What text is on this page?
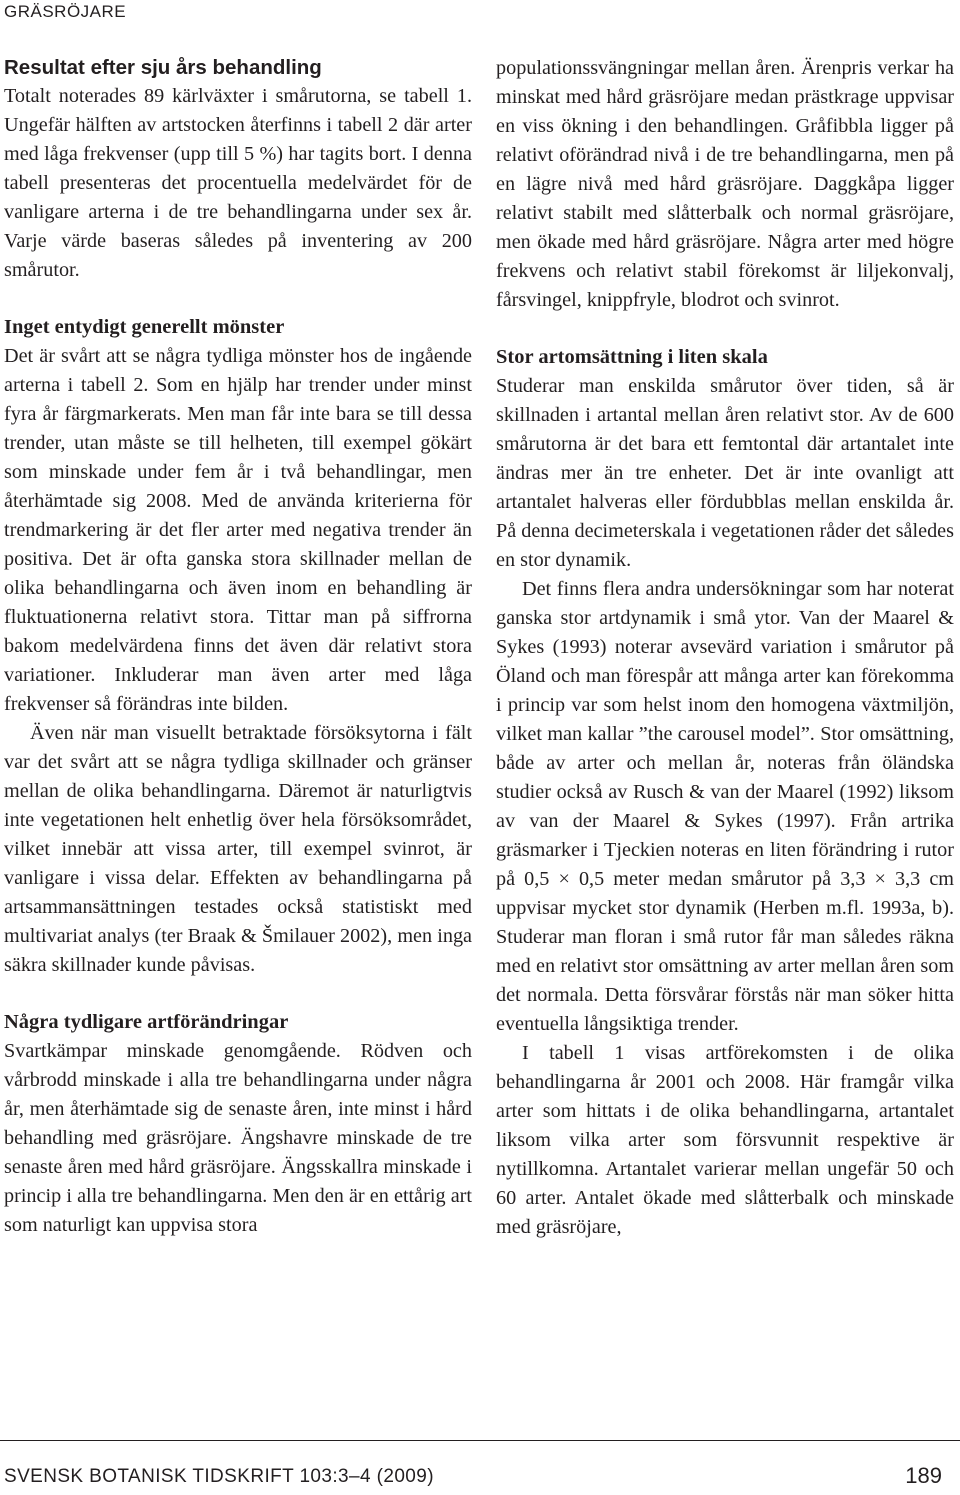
GRÄSRÖJARE
Resultat efter sju års behandling

Totalt noterades 89 kärlväxter i smårutorna, se tabell 1. Ungefär hälften av artstocken återfinns i tabell 2 där arter med låga frekvenser (upp till 5 %) har tagits bort. I denna tabell presenteras det procentuella medelvärdet för de vanligare arterna i de tre behandlingarna under sex år. Varje värde baseras således på inventering av 200 smårutor.

Inget entydigt generellt mönster

Det är svårt att se några tydliga mönster hos de ingående arterna i tabell 2. Som en hjälp har trender under minst fyra år färgmarkerats. Men man får inte bara se till dessa trender, utan måste se till helheten, till exempel gökärt som minskade under fem år i två behandlingar, men återhämtade sig 2008. Med de använda kriterierna för trendmarkering är det fler arter med negativa trender än positiva. Det är ofta ganska stora skillnader mellan de olika behandlingarna och även inom en behandling är fluktuationerna relativt stora. Tittar man på siffrorna bakom medelvärdena finns det även där relativt stora variationer. Inkluderar man även arter med låga frekvenser så förändras inte bilden.

Även när man visuellt betraktade försöksytorna i fält var det svårt att se några tydliga skillnader och gränser mellan de olika behandlingarna. Däremot är naturligtvis inte vegetationen helt enhetlig över hela försöksområdet, vilket innebär att vissa arter, till exempel svinrot, är vanligare i vissa delar. Effekten av behandlingarna på artsammansättningen testades också statistiskt med multivariat analys (ter Braak & Šmilauer 2002), men inga säkra skillnader kunde påvisas.

Några tydligare artförändringar

Svartkämpar minskade genomgående. Rödven och vårbrodd minskade i alla tre behandlingarna under några år, men återhämtade sig de senaste åren, inte minst i hård behandling med gräsröjare. Ängshavre minskade de tre senaste åren med hård gräsröjare. Ängsskallra minskade i princip i alla tre behandlingarna. Men den är en ettårig art som naturligt kan uppvisa stora

populationssvängningar mellan åren. Ärenpris verkar ha minskat med hård gräsröjare medan prästkrage uppvisar en viss ökning i den behandlingen. Gråfibbla ligger på relativt oförändrad nivå i de tre behandlingarna, men på en lägre nivå med hård gräsröjare. Daggkåpa ligger relativt stabilt med slåtterbalk och normal gräsröjare, men ökade med hård gräsröjare. Några arter med högre frekvens och relativt stabil förekomst är liljekonvalj, fårsvingel, knippfryle, blodrot och svinrot.

Stor artomsättning i liten skala

Studerar man enskilda smårutor över tiden, så är skillnaden i artantal mellan åren relativt stor. Av de 600 smårutorna är det bara ett femtontal där artantalet inte ändras mer än tre enheter. Det är inte ovanligt att artantalet halveras eller fördubblas mellan enskilda år. På denna decimeterskala i vegetationen råder det således en stor dynamik.

Det finns flera andra undersökningar som har noterat ganska stor artdynamik i små ytor. Van der Maarel & Sykes (1993) noterar avsevärd variation i smårutor på Öland och man förespår att många arter kan förekomma i princip var som helst inom den homogena växtmiljön, vilket man kallar ”the carousel model”. Stor omsättning, både av arter och mellan år, noteras från öländska studier också av Rusch & van der Maarel (1992) liksom av van der Maarel & Sykes (1997). Från artrika gräsmarker i Tjeckien noteras en liten förändring i rutor på 0,5 × 0,5 meter medan smårutor på 3,3 × 3,3 cm uppvisar mycket stor dynamik (Herben m.fl. 1993a, b). Studerar man floran i små rutor får man således räkna med en relativt stor omsättning av arter mellan åren som det normala. Detta försvårar förstås när man söker hitta eventuella långsiktiga trender.

I tabell 1 visas artförekomsten i de olika behandlingarna år 2001 och 2008. Här framgår vilka arter som hittats i de olika behandlingarna, artantalet liksom vilka arter som försvunnit respektive är nytillkomna. Artantalet varierar mellan ungefär 50 och 60 arter. Antalet ökade med slåtterbalk och minskade med gräsröjare,

SVENSK BOTANISK TIDSKRIFT 103:3–4 (2009)	189
